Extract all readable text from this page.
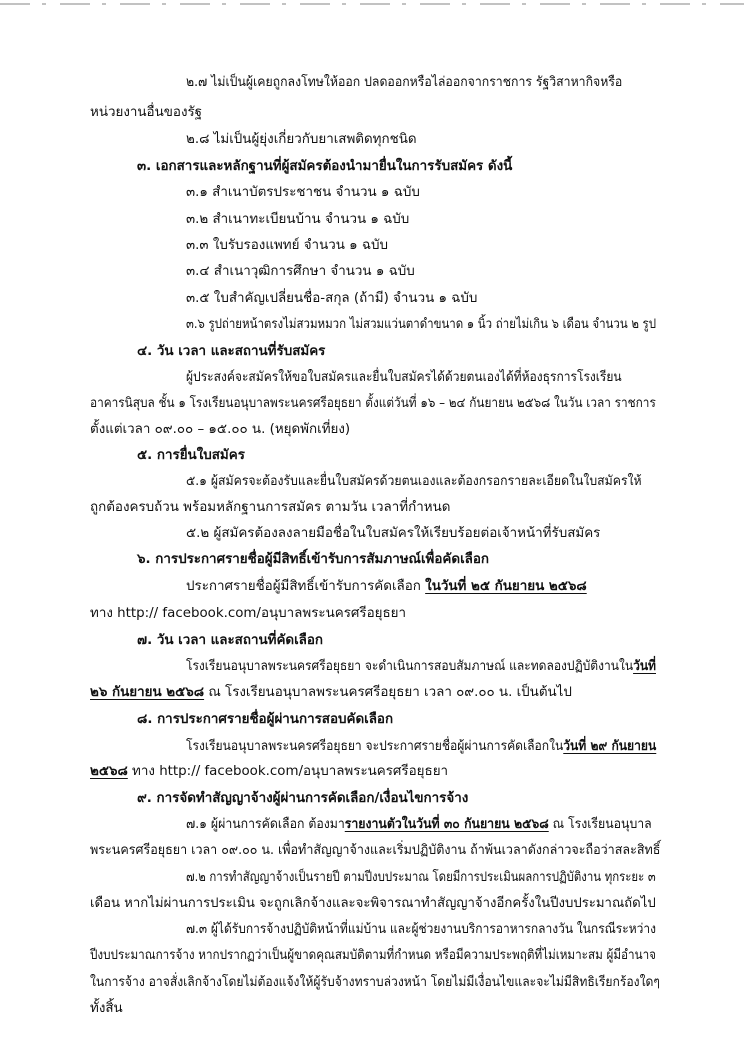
๒.๗ ไม่เป็นผู้เคยถูกลงโทษให้ออก ปลดออกหรือไล่ออกจากราชการ รัฐวิสาหากิจหรือ
หน่วยงานอื่นของรัฐ
๒.๘ ไม่เป็นผู้ยุ่งเกี่ยวกับยาเสพติดทุกชนิด
๓. เอกสารและหลักฐานที่ผู้สมัครต้องนำมายื่นในการรับสมัคร ดังนี้
๓.๑ สำเนาบัตรประชาชน จำนวน ๑ ฉบับ
๓.๒ สำเนาทะเบียนบ้าน จำนวน ๑ ฉบับ
๓.๓ ใบรับรองแพทย์ จำนวน ๑ ฉบับ
๓.๔ สำเนาวุฒิการศึกษา จำนวน ๑ ฉบับ
๓.๕ ใบสำคัญเปลี่ยนชื่อ-สกุล (ถ้ามี) จำนวน ๑ ฉบับ
๓.๖ รูปถ่ายหน้าตรงไม่สวมหมวก ไม่สวมแว่นตาดำขนาด ๑ นิ้ว ถ่ายไม่เกิน ๖ เดือน จำนวน ๒ รูป
๔. วัน เวลา และสถานที่รับสมัคร
ผู้ประสงค์จะสมัครให้ขอใบสมัครและยื่นใบสมัครได้ด้วยตนเองได้ที่ห้องธุรการโรงเรียน
อาคารนิสุบล ชั้น ๑ โรงเรียนอนุบาลพระนครศรีอยุธยา ตั้งแต่วันที่ ๑๖ – ๒๔ กันยายน ๒๕๖๘ ในวัน เวลา ราชการ
ตั้งแต่เวลา ๐๙.๐๐ – ๑๕.๐๐ น. (หยุดพักเที่ยง)
๕. การยื่นใบสมัคร
๕.๑ ผู้สมัครจะต้องรับและยื่นใบสมัครด้วยตนเองและต้องกรอกรายละเอียดในใบสมัครให้
ถูกต้องครบถ้วน พร้อมหลักฐานการสมัคร ตามวัน เวลาที่กำหนด
๕.๒ ผู้สมัครต้องลงลายมือชื่อในใบสมัครให้เรียบร้อยต่อเจ้าหน้าที่รับสมัคร
๖. การประกาศรายชื่อผู้มีสิทธิ์เข้ารับการสัมภาษณ์เพื่อคัดเลือก
ประกาศรายชื่อผู้มีสิทธิ์เข้ารับการคัดเลือก ในวันที่ ๒๕ กันยายน ๒๕๖๘
ทาง http:// facebook.com/อนุบาลพระนครศรีอยุธยา
๗. วัน เวลา และสถานที่คัดเลือก
โรงเรียนอนุบาลพระนครศรีอยุธยา จะดำเนินการสอบสัมภาษณ์ และทดลองปฏิบัติงานในวันที่
๒๖ กันยายน ๒๕๖๘ ณ โรงเรียนอนุบาลพระนครศรีอยุธยา เวลา ๐๙.๐๐ น. เป็นต้นไป
๘. การประกาศรายชื่อผู้ผ่านการสอบคัดเลือก
โรงเรียนอนุบาลพระนครศรีอยุธยา จะประกาศรายชื่อผู้ผ่านการคัดเลือกในวันที่ ๒๙ กันยายน
๒๕๖๘ ทาง http:// facebook.com/อนุบาลพระนครศรีอยุธยา
๙. การจัดทำสัญญาจ้างผู้ผ่านการคัดเลือก/เงื่อนไขการจ้าง
๗.๑ ผู้ผ่านการคัดเลือก ต้องมารายงานตัวในวันที่ ๓๐ กันยายน ๒๕๖๘ ณ โรงเรียนอนุบาล
พระนครศรีอยุธยา เวลา ๐๙.๐๐ น. เพื่อทำสัญญาจ้างและเริ่มปฏิบัติงาน ถ้าพ้นเวลาดังกล่าวจะถือว่าสละสิทธิ์
๗.๒ การทำสัญญาจ้างเป็นรายปี ตามปีงบประมาณ โดยมีการประเมินผลการปฏิบัติงาน ทุกระยะ ๓
เดือน หากไม่ผ่านการประเมิน จะถูกเลิกจ้างและจะพิจารณาทำสัญญาจ้างอีกครั้งในปีงบประมาณถัดไป
๗.๓ ผู้ได้รับการจ้างปฏิบัติหน้าที่แม่บ้าน และผู้ช่วยงานบริการอาหารกลางวัน ในกรณีระหว่าง
ปีงบประมาณการจ้าง หากปรากฏว่าเป็นผู้ขาดคุณสมบัติตามที่กำหนด หรือมีความประพฤติที่ไม่เหมาะสม ผู้มีอำนาจ
ในการจ้าง อาจสั่งเลิกจ้างโดยไม่ต้องแจ้งให้ผู้รับจ้างทราบล่วงหน้า โดยไม่มีเงื่อนไขและจะไม่มีสิทธิเรียกร้องใดๆ
ทั้งสิ้น
